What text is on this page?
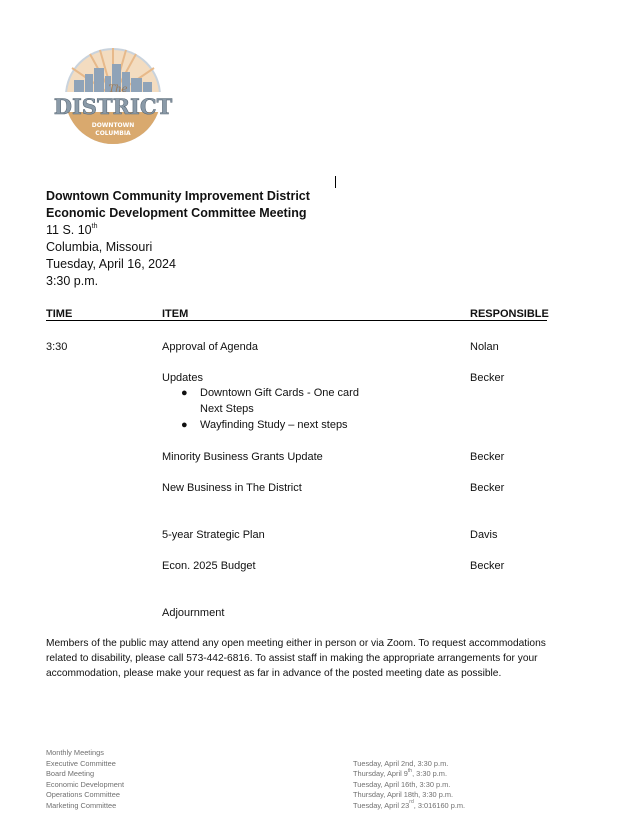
DISTRICT
The
DOWNTOWN
COLUMBIA
Downtown Community Improvement District
Economic Development Committee Meeting
11 S. 10th
Columbia, Missouri
Tuesday, April 16, 2024
3:30 p.m.
TIME	ITEM	RESPONSIBLE
3:30	Approval of Agenda	Nolan
Updates	Becker
● Downtown Gift Cards - One card
Next Steps
● Wayfinding Study – next steps
Minority Business Grants Update	Becker
New Business in The District	Becker
5-year Strategic Plan	Davis
Econ. 2025 Budget	Becker
Adjournment
Members of the public may attend any open meeting either in person or via Zoom. To request accommodations
related to disability, please call 573-442-6816. To assist staff in making the appropriate arrangements for your
accommodation, please make your request as far in advance of the posted meeting date as possible.
Monthly Meetings
Executive Committee	Tuesday, April 2nd, 3:30 p.m.
Board Meeting	Thursday, April 9th, 3:30 p.m.
Economic Development	Tuesday, April 16th, 3:30 p.m.
Operations Committee	Thursday, April 18th, 3:30 p.m.
Marketing Committee	Tuesday, April 23rd, 3:016160 p.m.
